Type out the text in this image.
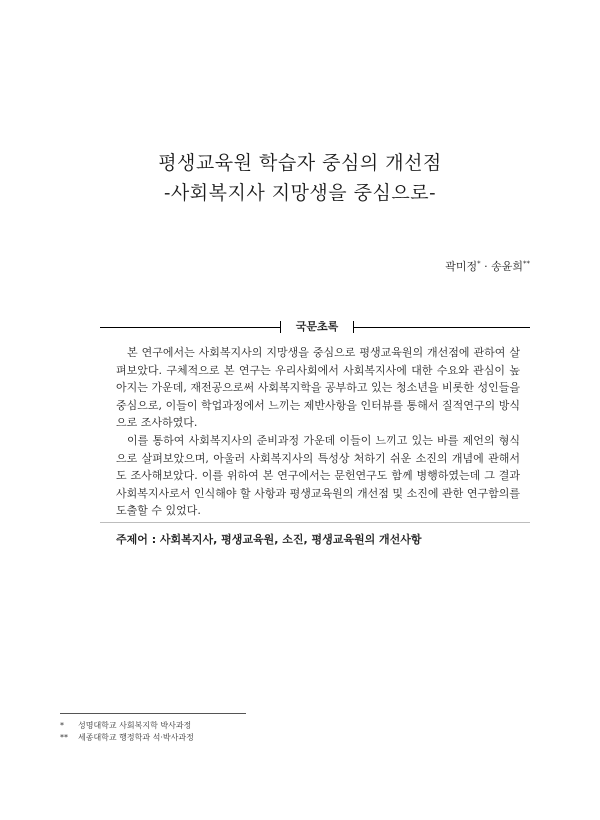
평생교육원 학습자 중심의 개선점
-사회복지사 지망생을 중심으로-
곽미정* · 송윤희**
국문초록

본 연구에서는 사회복지사의 지망생을 중심으로 평생교육원의 개선점에 관하여 살펴보았다. 구체적으로 본 연구는 우리사회에서 사회복지사에 대한 수요와 관심이 높아지는 가운데, 재전공으로써 사회복지학을 공부하고 있는 청소년을 비롯한 성인들을 중심으로, 이들이 학업과정에서 느끼는 제반사항을 인터뷰를 통해서 질적연구의 방식으로 조사하였다.

이를 통하여 사회복지사의 준비과정 가운데 이들이 느끼고 있는 바를 제언의 형식으로 살펴보았으며, 아울러 사회복지사의 특성상 처하기 쉬운 소진의 개념에 관해서도 조사해보았다. 이를 위하여 본 연구에서는 문헌연구도 함께 병행하였는데 그 결과 사회복지사로서 인식해야 할 사항과 평생교육원의 개선점 및 소진에 관한 연구함의를 도출할 수 있었다.

주제어 : 사회복지사, 평생교육원, 소진, 평생교육원의 개선사항
* 성명대학교 사회복지학 박사과정
** 세종대학교 행정학과 석·박사과정
